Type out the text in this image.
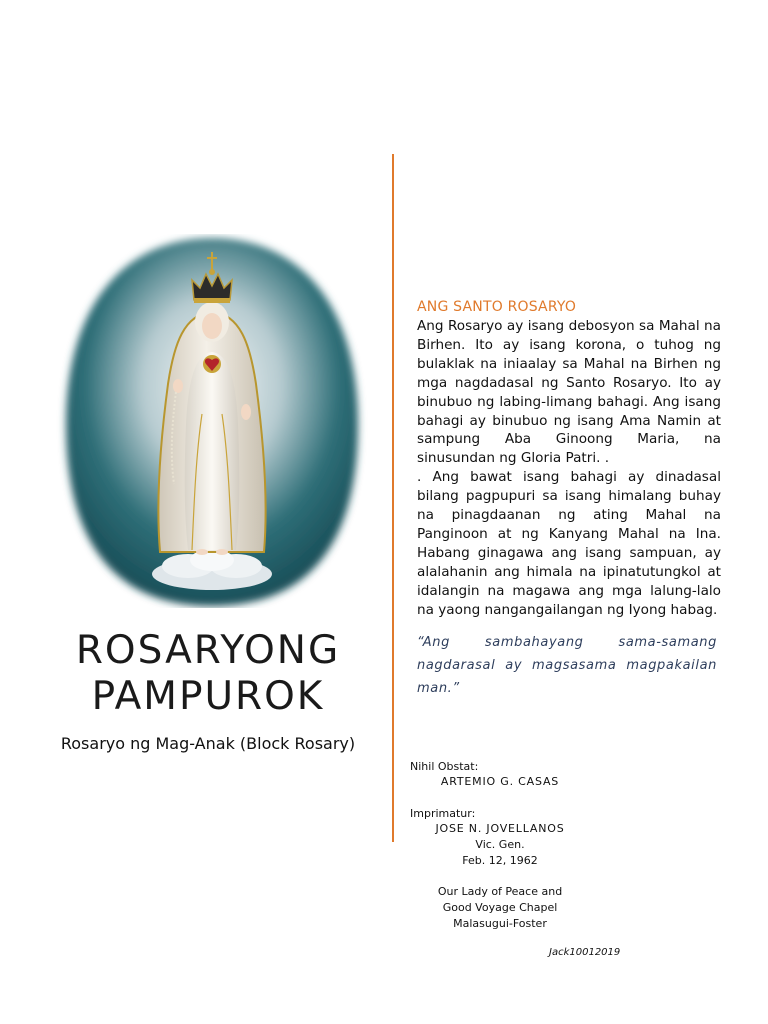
ROSARYONG
PAMPUROK
Rosaryo ng Mag-Anak (Block Rosary)
ANG SANTO ROSARYO

Ang Rosaryo ay isang debosyon sa Mahal na Birhen. Ito ay isang korona, o tuhog ng bulaklak na iniaalay sa Mahal na Birhen ng mga nagdadasal ng Santo Rosaryo. Ito ay binubuo ng labing-limang bahagi. Ang isang bahagi ay binubuo ng isang Ama Namin at sampung Aba Ginoong Maria, na sinusundan ng Gloria Patri. .

. Ang bawat isang bahagi ay dinadasal bilang pagpupuri sa isang himalang buhay na pinagdaanan ng ating Mahal na Panginoon at ng Kanyang Mahal na Ina. Habang ginagawa ang isang sampuan, ay alalahanin ang himala na ipinatutungkol at idalangin na magawa ang mga lalung-lalo na yaong nangangailangan ng Iyong habag.

“Ang sambahayang sama-samang nagdarasal ay magsasama magpakailan man.”
Nihil Obstat:
ARTEMIO G. CASAS
Imprimatur:
JOSE N. JOVELLANOS
Vic. Gen.
Feb. 12, 1962
Our Lady of Peace and
Good Voyage Chapel
Malasugui-Foster
Jack10012019
